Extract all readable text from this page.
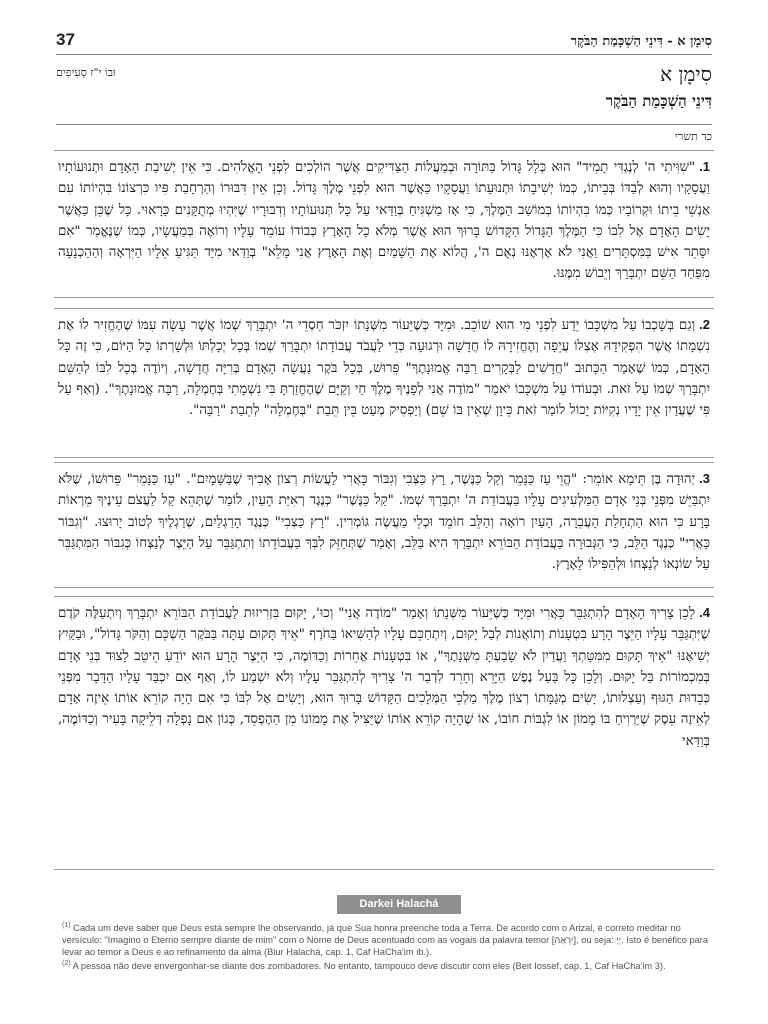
37	סִימָן א - דִּינֵי הַשְׁכָּמַת הַבֹּקֶר
סִימָן א
וּבוֹ י"ז סְעִיפִים
דִּינֵי הַשְׁכָּמַת הַבֹּקֶר
כד תשרי
1."שִׁוִּיתִי ה' לְנֶגְדִּי תָמִיד" הוּא כְּלָל גָּדוֹל בַּתּוֹרָה וּבְמַעֲלוֹת הַצַּדִּיקִים אֲשֶׁר הוֹלְכִים לִפְנֵי הָאֱלֹהִים. כִּי אֵין יְשִׁיבַת הָאָדָם וּתְנוּעוֹתָיו וַעֲסָקָיו וְהוּא לְבַדּוֹ בְּבֵיתוֹ, כְּמוֹ יְשִׁיבָתוֹ וּתְנוּעָתוֹ וַעֲסָקָיו כַּאֲשֶׁר הוּא לִפְנֵי מֶלֶךְ גָּדוֹל. וְכֵן אֵין דִּבּוּרוֹ וְהַרְחָבַת פִּיו כִּרְצוֹנוֹ בִּהְיוֹתוֹ עִם אַנְשֵׁי בֵיתוֹ וּקְרוֹבָיו כְּמוֹ בִּהְיוֹתוֹ בְּמוֹשַׁב הַמֶּלֶךְ, כִּי אָז מַשְׁגִּיחַ בְּוַדַּאי עַל כָּל תְּנוּעוֹתָיו וְדִבּוּרָיו שֶׁיִּהְיוּ מְתֻקָּנִים כָּרָאוּי. כָּל שֶׁכֵּן כַּאֲשֶׁר יָשִׂים הָאָדָם אֶל לִבּוֹ כִּי הַמֶּלֶךְ הַגָּדוֹל הַקָּדוֹשׁ בָּרוּךְ הוּא אֲשֶׁר מְלֹא כָל הָאָרֶץ כְּבוֹדוֹ עוֹמֵד עָלָיו וְרוֹאֶה בְּמַעֲשָׂיו, כְּמוֹ שֶׁנֶּאֱמַר "אִם יִסָּתֵר אִישׁ בַּמִּסְתָּרִים וַאֲנִי לֹא אֶרְאֶנּוּ נְאֻם ה', הֲלוֹא אֶת הַשָּׁמַיִם וְאֶת הָאָרֶץ אֲנִי מָלֵא" בְּוַדַּאי מִיָּד תַּגִּיעַ אֵלָיו הַיִּרְאָה וְהַהַכְנָעָה מִפַּחַד הַשֵּׁם יִתְבָּרַךְ וְיֵבוֹשׁ מִמֶּנּוּ.
2.וְגַם בְּשָׁכְבוֹ עַל מִשְׁכָּבוֹ יֵדַע לִפְנֵי מִי הוּא שׁוֹכֵב. וּמִיָּד כְּשֶׁיֵּעוֹר מִשְּׁנָתוֹ יִזְכֹּר חַסְדֵי ה' יִתְבָּרַךְ שְׁמוֹ אֲשֶׁר עָשָׂה עִמּוֹ שֶׁהֶחֱזִיר לוֹ אֶת נִשְׁמָתוֹ אֲשֶׁר הִפְקִידָהּ אֶצְלוֹ עֲיֵפָה וְהֶחֱזִירָהּ לוֹ חֲדָשָׁה וּרְגוּעָה כְּדֵי לַעֲבֹד עֲבוֹדָתוֹ יִתְבָּרַךְ שְׁמוֹ בְּכָל יְכָלְתּוֹ וּלְשָׁרְתוֹ כָּל הַיּוֹם, כִּי זֶה כָּל הָאָדָם, כְּמוֹ שֶׁאָמַר הַכָּתוּב "חֲדָשִׁים לַבְּקָרִים רַבָּה אֱמוּנָתֶךָ" פֵּרוּשׁ, בְּכָל בֹּקֶר נַעֲשָׂה הָאָדָם בְּרִיָּה חֲדָשָׁה, וְיוֹדֶה בְּכָל לִבּוֹ לְהַשֵּׁם יִתְבָּרַךְ שְׁמוֹ עַל זֹאת. וּבְעוֹדוֹ עַל מִשְׁכָּבוֹ יֹאמַר "מוֹדֶה אֲנִי לְפָנֶיךָ מֶלֶךְ חַי וְקַיָּם שֶׁהֶחֱזַרְתָּ בִּי נִשְׁמָתִי בְּחֶמְלָה, רַבָּה אֱמוּנָתֶךָ". (וְאַף עַל פִּי שֶׁעֲדַיִן אֵין יָדָיו נְקִיּוֹת יָכוֹל לוֹמַר זֹאת כֵּיוָן שֶׁאֵין בּוֹ שֵׁם) וְיַפְסִיק מְעַט בֵּין תֵּבַת "בְּחֶמְלָה" לְתֵבַת "רַבָּה".
3.יְהוּדָה בֶּן תֵּימָא אוֹמֵר: "הֱוֵי עַז כַּנָּמֵר וְקַל כַּנֶּשֶׁר, רָץ כַּצְּבִי וְגִבּוֹר כָּאֲרִי לַעֲשׂוֹת רְצוֹן אָבִיךָ שֶׁבַּשָּׁמָיִם". "עַז כַּנָּמֵר" פֵּרוּשׁוֹ, שֶׁלֹּא יִתְבַּיֵּשׁ מִפְּנֵי בְּנֵי אָדָם הַמַּלְעִיגִים עָלָיו בַּעֲבוֹדַת ה' יִתְבָּרַךְ שְׁמוֹ. "קַל כַּנֶּשֶׁר" כְּנֶגֶד רְאִיַּת הָעַיִן, לוֹמַר שֶׁתְּהֵא קַל לַעֲצֹם עֵינֶיךָ מֵרְאוֹת בָּרָע כִּי הוּא הַתְחָלַת הָעֲבֵרָה, הָעַיִן רוֹאָה וְהַלֵּב חוֹמֵד וּכְלֵי מַעֲשֶׂה גּוֹמְרִין. "רָץ כַּצְּבִי" כְּנֶגֶד הָרַגְלַיִם, שֶׁרַגְלֶיךָ לְטוֹב יָרוּצוּ. "וְגִבּוֹר כָּאֲרִי" כְּנֶגֶד הַלֵּב, כִּי הַגְּבוּרָה בַּעֲבוֹדַת הַבּוֹרֵא יִתְבָּרַךְ הִיא בַּלֵּב, וְאָמַר שֶׁתְּחַזֵּק לִבְּךָ בַּעֲבוֹדָתוֹ וְתִתְגַּבֵּר עַל הַיֵּצֶר לְנַצְּחוֹ כְּגִבּוֹר הַמִּתְגַּבֵּר עַל שׂוֹנְאוֹ לְנַצְּחוֹ וּלְהַפִּילוֹ לָאָרֶץ.
4.לָכֵן צָרִיךְ הָאָדָם לְהִתְגַּבֵּר כָּאֲרִי וּמִיָּד כְּשֶׁיֵּעוֹר מִשְּׁנָתוֹ וְאָמַר "מוֹדֶה אֲנִי" וְכוּ', יָקוּם בִּזְרִיזוּת לַעֲבוֹדַת הַבּוֹרֵא יִתְבָּרַךְ וְיִתְעַלֶּה קֹדֶם שֶׁיִּתְגַּבֵּר עָלָיו הַיֵּצֶר הָרָע בִּטְעָנוֹת וְתוֹאֲנוֹת לְבַל יָקוּם, וְיִתְחַכֵּם עָלָיו לְהַשִּׁיאוֹ בַּחֹרֶף "אֵיךְ תָּקוּם עַתָּה בַּבֹּקֶר הַשְׁכֵּם וְהַקֹּר גָּדוֹל", וּבַקַּיִץ יְשִׁיאֶנּוּ "אֵיךְ תָּקוּם מִמִּטָּתְךָ וַעֲדַיִן לֹא שָׂבַעְתָּ מִשְּׁנָתֶךָ", אוֹ בִּטְעָנוֹת אֲחֵרוֹת וְכַדּוֹמֶה, כִּי הַיֵּצֶר הָרָע הוּא יוֹדֵעַ הֵיטֵב לָצוּד בְּנֵי אָדָם בְּמִכְמוֹרוֹת בַּל יָקוּם. וְלָכֵן כָּל בַּעַל נֶפֶשׁ הַיָּרֵא וְחָרֵד לִדְבַר ה' צָרִיךְ לְהִתְגַּבֵּר עָלָיו וְלֹא יִשְׁמַע לוֹ, וְאַף אִם יִכְבַּד עָלָיו הַדָּבָר מִפְּנֵי כְּבֵדוּת הַגּוּף וְעַצְלוּתוֹ, יָשִׂים מְגַמָּתוֹ רְצוֹן מֶלֶךְ מַלְכֵי הַמְּלָכִים הַקָּדוֹשׁ בָּרוּךְ הוּא, וְיָשִׂים אֶל לִבּוֹ כִּי אִם הָיָה קוֹרֵא אוֹתוֹ אֵיזֶה אָדָם לְאֵיזֶה עֵסֶק שֶׁיַּרְוִיחַ בּוֹ מָמוֹן אוֹ לִגְבּוֹת חוֹבוֹ, אוֹ שֶׁהָיָה קוֹרֵא אוֹתוֹ שֶׁיַּצִּיל אֶת מָמוֹנוֹ מִן הַהֶפְסֵד, כְּגוֹן אִם נָפְלָה דְּלֵיקָה בָּעִיר וְכַדּוֹמֶה, בְּוַדַּאי
Darkei Halachá

$^{(1)}$ Cada um deve saber que Deus está sempre lhe observando, já que Sua honra preenche toda a Terra. De acordo com o Arizal, é correto meditar no versículo: "Imagino o Eterno sempre diante de mim" com o Nome de Deus acentuado com as vogais da palavra temor [יִרְאָה], ou seja: יְיָ. Isto é benéfico para levar ao temor a Deus e ao refinamento da alma (Biur Halachá, cap. 1, Caf HaCha'im ib.).

$^{(2)}$ A pessoa não deve envergonhar-se diante dos zombadores. No entanto, tampouco deve discutir com eles (Beit Iossef, cap. 1, Caf HaCha'im 3).
